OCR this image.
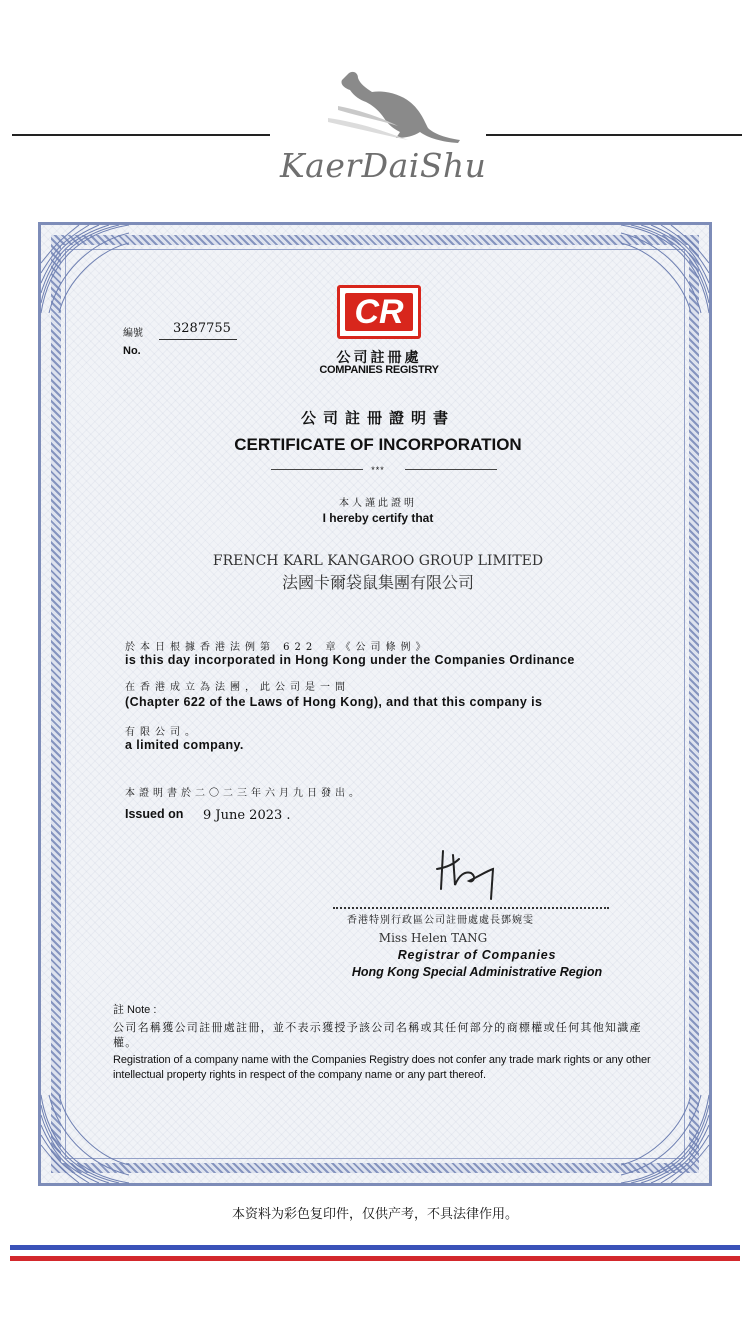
KaerDaiShu
CR
公司註冊處
COMPANIES REGISTRY
編號 3287755
No.
公司註冊證明書
CERTIFICATE OF INCORPORATION
***
本人謹此證明
I hereby certify that
FRENCH KARL KANGAROO GROUP LIMITED
法國卡爾袋鼠集團有限公司
於本日根據香港法例第 622 章《公司條例》
is this day incorporated in Hong Kong under the Companies Ordinance
在香港成立為法團，此公司是一間
(Chapter 622 of the Laws of Hong Kong), and that this company is
有限公司。
a limited company.
本證明書於二〇二三年六月九日發出。
Issued on 9 June 2023 .
香港特別行政區公司註冊處處長鄧婉雯
Miss Helen TANG
Registrar of Companies
Hong Kong Special Administrative Region
註 Note :
公司名稱獲公司註冊處註冊，並不表示獲授予該公司名稱或其任何部分的商標權或任何其他知識產權。
Registration of a company name with the Companies Registry does not confer any trade mark rights or any other intellectual property rights in respect of the company name or any part thereof.
本资料为彩色复印件，仅供产考，不具法律作用。
